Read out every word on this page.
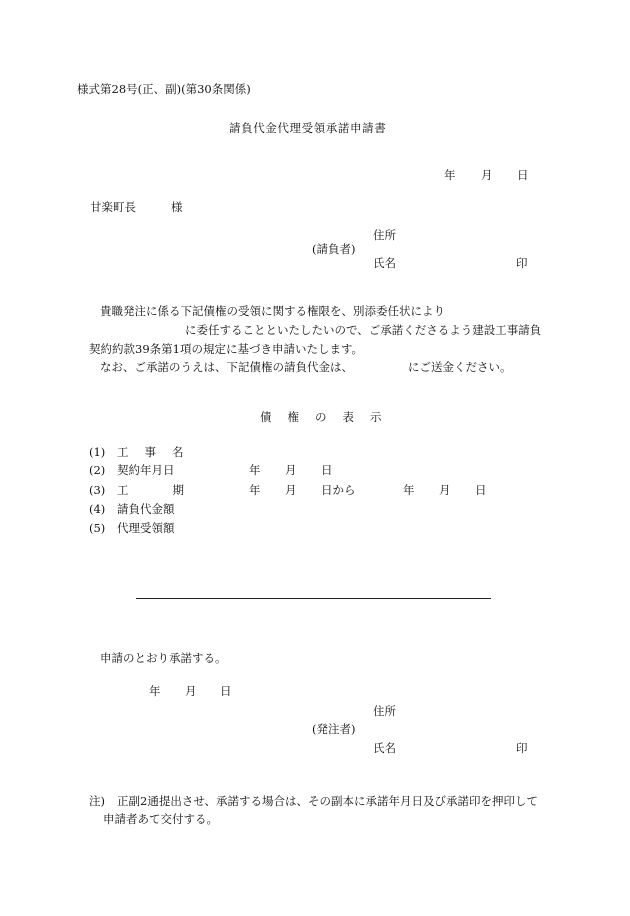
様式第28号(正、副)(第30条関係)
請負代金代理受領承諾申請書
年 月 日
甘楽町長	様
住所
(請負者)
氏名	印
貴職発注に係る下記債権の受領に関する権限を、別添委任状により
に委任することといたしたいので、ご承諾くださるよう建設工事請負
契約約款39条第1項の規定に基づき申請いたします。
なお、ご承諾のうえは、下記債権の請負代金は、	にご送金ください。
債権の表示
(1) 工事名
(2) 契約年月日	年 月 日
(3) 工期 年 月 日から	年 月 日
(4) 請負代金額
(5) 代理受領額
申請のとおり承諾する。
年 月 日
住所
(発注者)
氏名	印
注) 正副2通提出させ、承諾する場合は、その副本に承諾年月日及び承諾印を押印して
申請者あて交付する。
